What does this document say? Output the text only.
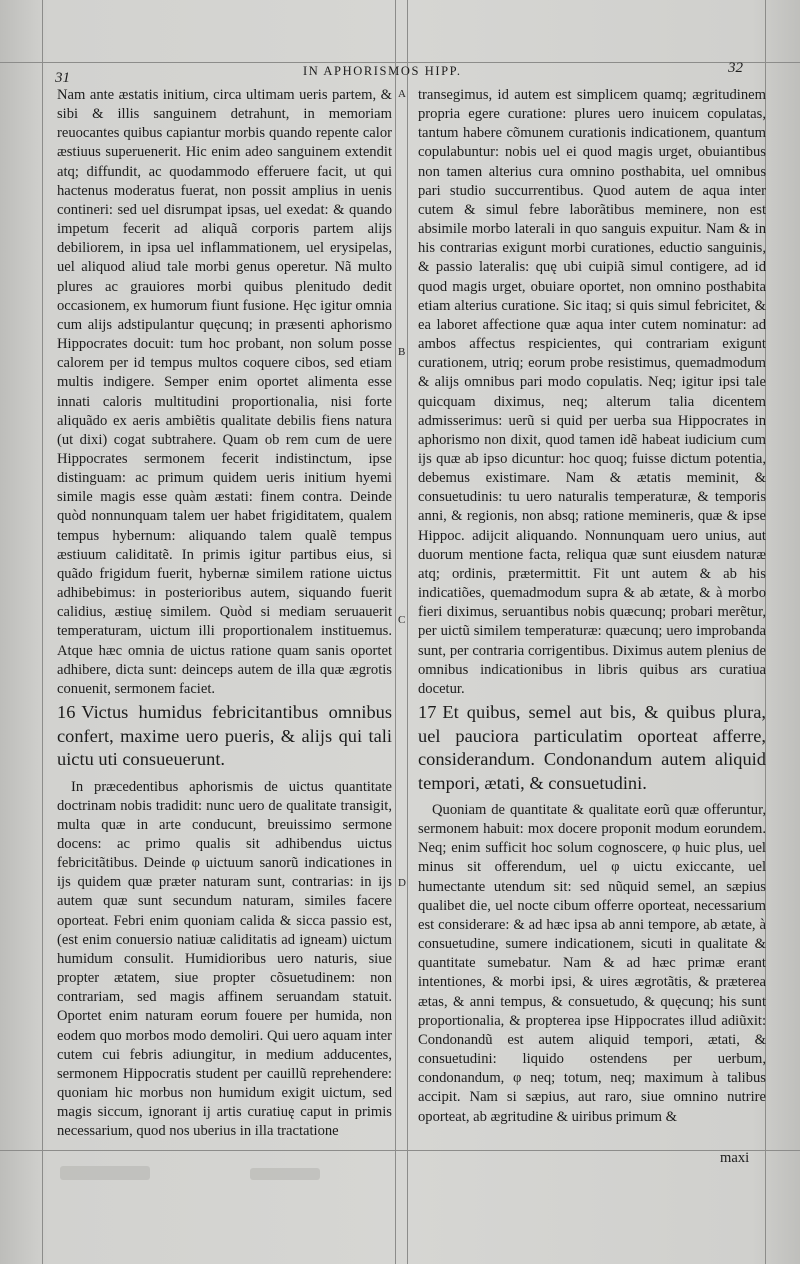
31	IN APHORISMOS HIPP.	32
A
B
C
D

Nam ante æstatis initium, circa ultimam ueris partem, & sibi & illis sanguinem detrahunt, in memoriam reuocantes quibus capiantur morbis quando repente calor æstiuus superuenerit. Hic enim adeo sanguinem extendit atq; diffundit, ac quodammodo efferuere facit, ut qui hactenus moderatus fuerat, non possit amplius in uenis contineri: sed uel disrumpat ipsas, uel exedat: & quando impetum fecerit ad aliquã corporis partem alijs debiliorem, in ipsa uel inflammationem, uel erysipelas, uel aliquod aliud tale morbi genus operetur. Nã multo plures ac grauiores morbi quibus plenitudo dedit occasionem, ex humorum fiunt fusione. Hęc igitur omnia cum alijs adstipulantur quęcunq; in præsenti aphorismo Hippocrates docuit: tum hoc probant, non solum posse calorem per id tempus multos coquere cibos, sed etiam multis indigere. Semper enim oportet alimenta esse innati caloris multitudini proportionalia, nisi forte aliquãdo ex aeris ambiẽtis qualitate debilis fiens natura (ut dixi) cogat subtrahere. Quam ob rem cum de uere Hippocrates sermonem fecerit indistinctum, ipse distinguam: ac primum quidem ueris initium hyemi simile magis esse quàm æstati: finem contra. Deinde quòd nonnunquam talem uer habet frigiditatem, qualem tempus hybernum: aliquando talem qualẽ tempus æstiuum caliditatẽ. In primis igitur partibus eius, si quãdo frigidum fuerit, hybernæ similem ratione uictus adhibebimus: in posterioribus autem, siquando fuerit calidius, æstiuę similem. Quòd si mediam seruauerit temperaturam, uictum illi proportionalem instituemus. Atque hæc omnia de uictus ratione quam sanis oportet adhibere, dicta sunt: deinceps autem de illa quæ ægrotis conuenit, sermonem faciet.

16 Victus humidus febricitantibus omnibus confert, maxime uero pueris, & alijs qui tali uictu uti consueuerunt.

In præcedentibus aphorismis de uictus quantitate doctrinam nobis tradidit: nunc uero de qualitate transigit, multa quæ in arte conducunt, breuissimo sermone docens: ac primo qualis sit adhibendus uictus febricitãtibus. Deinde φ uictuum sanorũ indicationes in ijs quidem quæ præter naturam sunt, contrarias: in ijs autem quæ sunt secundum naturam, similes facere oporteat. Febri enim quoniam calida & sicca passio est, (est enim conuersio natiuæ caliditatis ad igneam) uictum humidum consulit. Humidioribus uero naturis, siue propter ætatem, siue propter cõsuetudinem: non contrariam, sed magis affinem seruandam statuit. Oportet enim naturam eorum fouere per humida, non eodem quo morbos modo demoliri. Qui uero aquam inter cutem cui febris adiungitur, in medium adducentes, sermonem Hippocratis student per cauillũ reprehendere: quoniam hic morbus non humidum exigit uictum, sed magis siccum, ignorant ij artis curatiuę caput in primis necessarium, quod nos uberius in illa tractatione

transegimus, id autem est simplicem quamq; ægritudinem propria egere curatione: plures uero inuicem copulatas, tantum habere cõmunem curationis indicationem, quantum copulabuntur: nobis uel ei quod magis urget, obuiantibus non tamen alterius cura omnino posthabita, uel omnibus pari studio succurrentibus. Quod autem de aqua inter cutem & simul febre laborãtibus meminere, non est absimile morbo laterali in quo sanguis expuitur. Nam & in his contrarias exigunt morbi curationes, eductio sanguinis, & passio lateralis: quę ubi cuipiã simul contigere, ad id quod magis urget, obuiare oportet, non omnino posthabita etiam alterius curatione. Sic itaq; si quis simul febricitet, & ea laboret affectione quæ aqua inter cutem nominatur: ad ambos affectus respicientes, qui contrariam exigunt curationem, utriq; eorum probe resistimus, quemadmodum & alijs omnibus pari modo copulatis. Neq; igitur ipsi tale quicquam diximus, neq; alterum talia dicentem admisserimus: uerũ si quid per uerba sua Hippocrates in aphorismo non dixit, quod tamen idẽ habeat iudicium cum ijs quæ ab ipso dicuntur: hoc quoq; fuisse dictum potentia, debemus existimare. Nam & ætatis meminit, & consuetudinis: tu uero naturalis temperaturæ, & temporis anni, & regionis, non absq; ratione memineris, quæ & ipse Hippoc. adijcit aliquando. Nonnunquam uero unius, aut duorum mentione facta, reliqua quæ sunt eiusdem naturæ atq; ordinis, prætermittit. Fit unt autem & ab his indicatiões, quemadmodum supra & ab ætate, & à morbo fieri diximus, seruantibus nobis quæcunq; probari merẽtur, per uictũ similem temperaturæ: quæcunq; uero improbanda sunt, per contraria corrigentibus. Diximus autem plenius de omnibus indicationibus in libris quibus ars curatiua docetur.

17 Et quibus, semel aut bis, & quibus plura, uel pauciora particulatim oporteat afferre, considerandum. Condonandum autem aliquid tempori, ætati, & consuetudini.

Quoniam de quantitate & qualitate eorũ quæ offeruntur, sermonem habuit: mox docere proponit modum eorundem. Neq; enim sufficit hoc solum cognoscere, φ huic plus, uel minus sit offerendum, uel φ uictu exiccante, uel humectante utendum sit: sed nũquid semel, an sæpius qualibet die, uel nocte cibum offerre oporteat, necessarium est considerare: & ad hæc ipsa ab anni tempore, ab ætate, à consuetudine, sumere indicationem, sicuti in qualitate & quantitate sumebatur. Nam & ad hæc primæ erant intentiones, & morbi ipsi, & uires ægrotãtis, & præterea ætas, & anni tempus, & consuetudo, & quęcunq; his sunt proportionalia, & propterea ipse Hippocrates illud adiũxit: Condonandũ est autem aliquid tempori, ætati, & consuetudini: liquido ostendens per uerbum, condonandum, φ neq; totum, neq; maximum à talibus accipit. Nam si sæpius, aut raro, siue omnino nutrire oporteat, ab ægritudine & uiribus primum &

maxi
